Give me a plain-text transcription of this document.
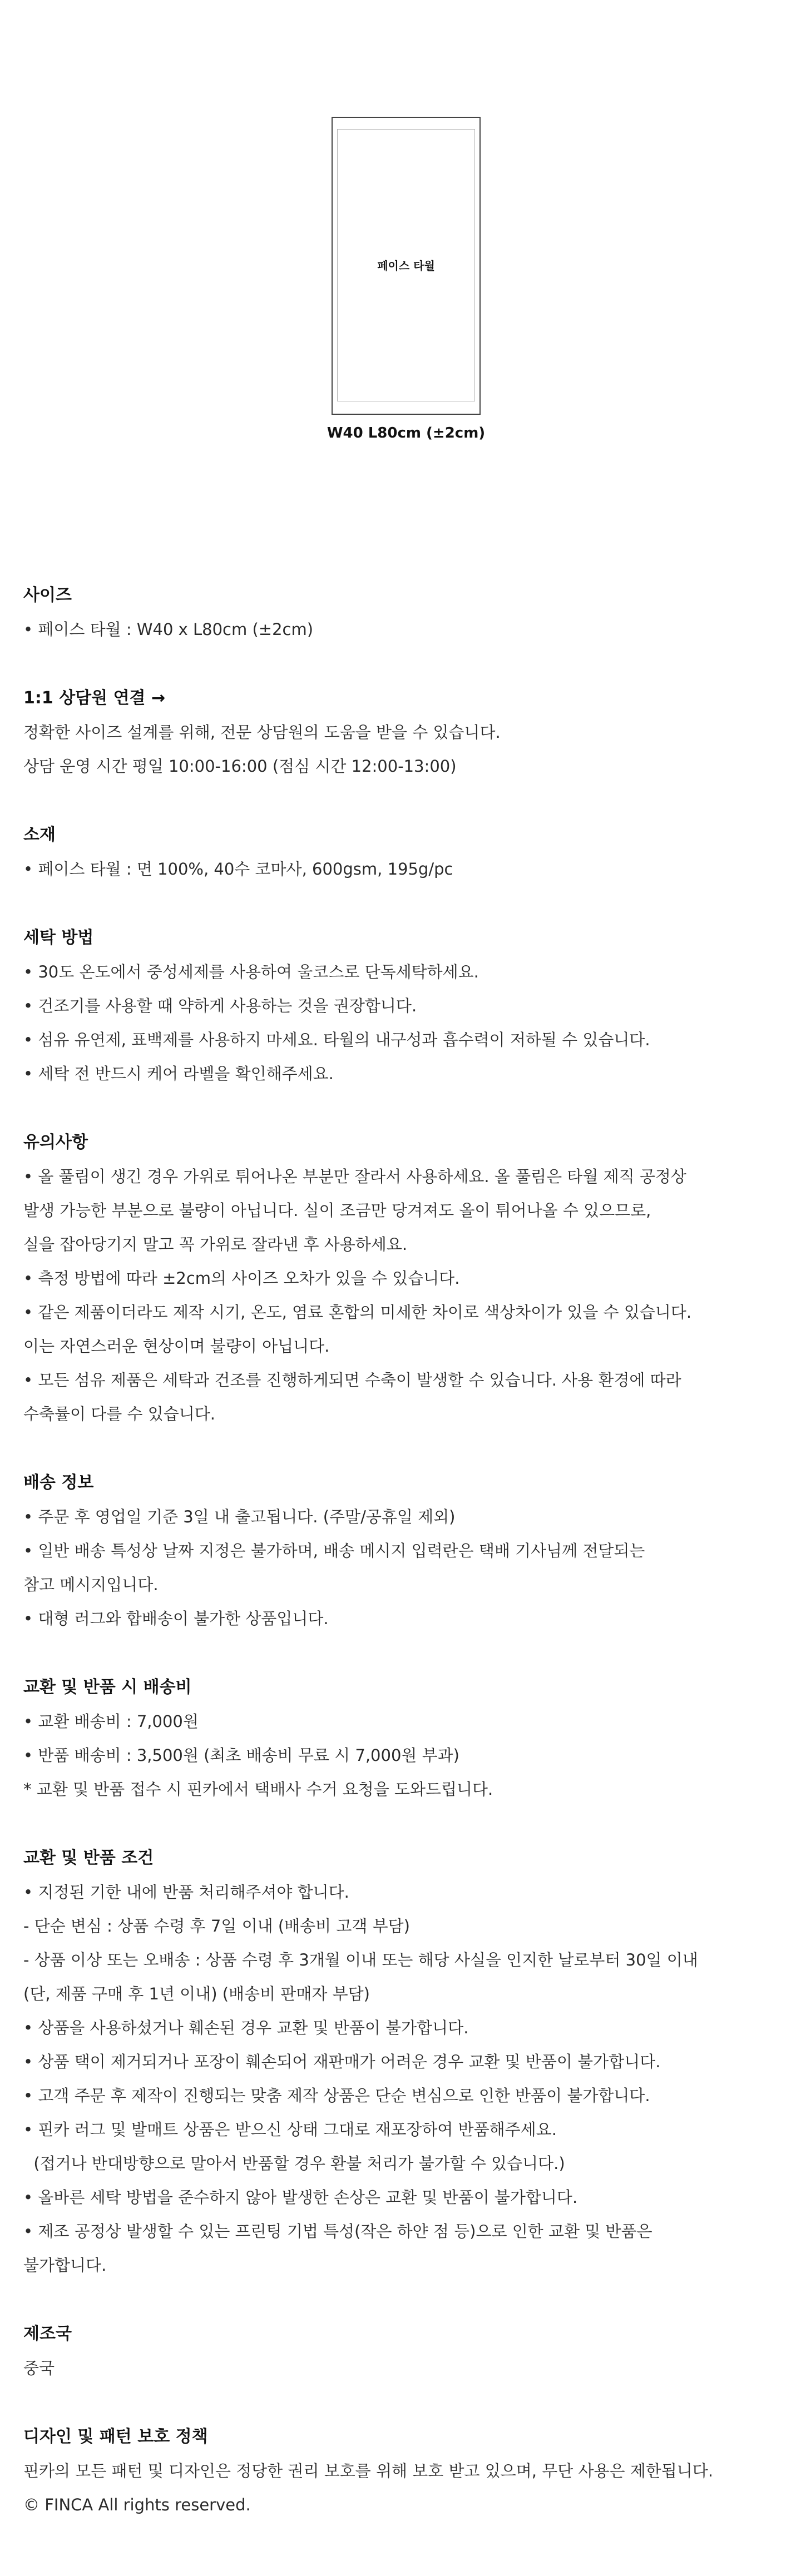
페이스 타월
W40 L80cm (±2cm)
사이즈
• 페이스 타월 : W40 x L80cm (±2cm)
1:1 상담원 연결 →
정확한 사이즈 설계를 위해, 전문 상담원의 도움을 받을 수 있습니다.
상담 운영 시간 평일 10:00-16:00 (점심 시간 12:00-13:00)
소재
• 페이스 타월 : 면 100%, 40수 코마사, 600gsm, 195g/pc
세탁 방법
• 30도 온도에서 중성세제를 사용하여 울코스로 단독세탁하세요.
• 건조기를 사용할 때 약하게 사용하는 것을 권장합니다.
• 섬유 유연제, 표백제를 사용하지 마세요. 타월의 내구성과 흡수력이 저하될 수 있습니다.
• 세탁 전 반드시 케어 라벨을 확인해주세요.
유의사항
• 올 풀림이 생긴 경우 가위로 튀어나온 부분만 잘라서 사용하세요. 올 풀림은 타월 제직 공정상
발생 가능한 부분으로 불량이 아닙니다. 실이 조금만 당겨져도 올이 튀어나올 수 있으므로,
실을 잡아당기지 말고 꼭 가위로 잘라낸 후 사용하세요.
• 측정 방법에 따라 ±2cm의 사이즈 오차가 있을 수 있습니다.
• 같은 제품이더라도 제작 시기, 온도, 염료 혼합의 미세한 차이로 색상차이가 있을 수 있습니다.
이는 자연스러운 현상이며 불량이 아닙니다.
• 모든 섬유 제품은 세탁과 건조를 진행하게되면 수축이 발생할 수 있습니다. 사용 환경에 따라
수축률이 다를 수 있습니다.
배송 정보
• 주문 후 영업일 기준 3일 내 출고됩니다. (주말/공휴일 제외)
• 일반 배송 특성상 날짜 지정은 불가하며, 배송 메시지 입력란은 택배 기사님께 전달되는
참고 메시지입니다.
• 대형 러그와 합배송이 불가한 상품입니다.
교환 및 반품 시 배송비
• 교환 배송비 : 7,000원
• 반품 배송비 : 3,500원 (최초 배송비 무료 시 7,000원 부과)
* 교환 및 반품 접수 시 핀카에서 택배사 수거 요청을 도와드립니다.
교환 및 반품 조건
• 지정된 기한 내에 반품 처리해주셔야 합니다.
- 단순 변심 : 상품 수령 후 7일 이내 (배송비 고객 부담)
- 상품 이상 또는 오배송 : 상품 수령 후 3개월 이내 또는 해당 사실을 인지한 날로부터 30일 이내
(단, 제품 구매 후 1년 이내) (배송비 판매자 부담)
• 상품을 사용하셨거나 훼손된 경우 교환 및 반품이 불가합니다.
• 상품 택이 제거되거나 포장이 훼손되어 재판매가 어려운 경우 교환 및 반품이 불가합니다.
• 고객 주문 후 제작이 진행되는 맞춤 제작 상품은 단순 변심으로 인한 반품이 불가합니다.
• 핀카 러그 및 발매트 상품은 받으신 상태 그대로 재포장하여 반품해주세요.
(접거나 반대방향으로 말아서 반품할 경우 환불 처리가 불가할 수 있습니다.)
• 올바른 세탁 방법을 준수하지 않아 발생한 손상은 교환 및 반품이 불가합니다.
• 제조 공정상 발생할 수 있는 프린팅 기법 특성(작은 하얀 점 등)으로 인한 교환 및 반품은
불가합니다.
제조국
중국
디자인 및 패턴 보호 정책
핀카의 모든 패턴 및 디자인은 정당한 권리 보호를 위해 보호 받고 있으며, 무단 사용은 제한됩니다.
© FINCA All rights reserved.
